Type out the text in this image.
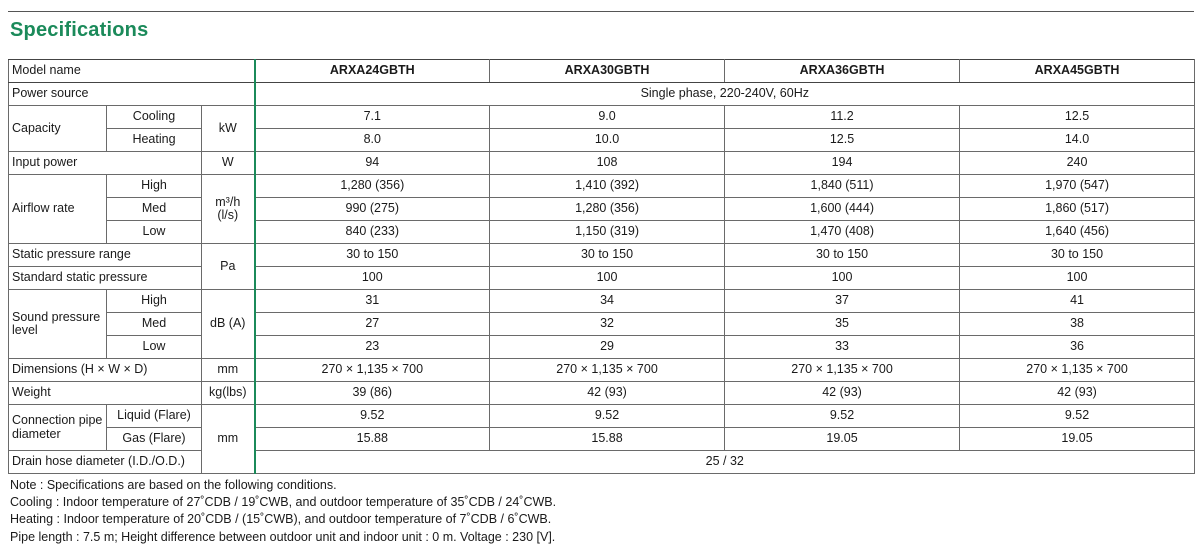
Specifications
Model name			ARXA24GBTH	ARXA30GBTH	ARXA36GBTH	ARXA45GBTH
Power source			Single phase, 220-240V, 60Hz			
Capacity	Cooling	kW	7.1	9.0	11.2	12.5
	Heating		8.0	10.0	12.5	14.0
Input power		W	94	108	194	240
Airflow rate	High	m³/h (l/s)	1,280 (356)	1,410 (392)	1,840 (511)	1,970 (547)
	Med		990 (275)	1,280 (356)	1,600 (444)	1,860 (517)
	Low		840 (233)	1,150 (319)	1,470 (408)	1,640 (456)
Static pressure range		Pa	30 to 150	30 to 150	30 to 150	30 to 150
Standard static pressure			100	100	100	100
Sound pressure level	High	dB (A)	31	34	37	41
	Med		27	32	35	38
	Low		23	29	33	36
Dimensions (H × W × D)		mm	270 × 1,135 × 700	270 × 1,135 × 700	270 × 1,135 × 700	270 × 1,135 × 700
Weight		kg(lbs)	39 (86)	42 (93)	42 (93)	42 (93)
Connection pipe diameter	Liquid (Flare)	mm	9.52	9.52	9.52	9.52
	Gas (Flare)		15.88	15.88	19.05	19.05
Drain hose diameter (I.D./O.D.)			25 / 32			
Note : Specifications are based on the following conditions.
Cooling : Indoor temperature of 27˚CDB / 19˚CWB, and outdoor temperature of 35˚CDB / 24˚CWB.
Heating : Indoor temperature of 20˚CDB / (15˚CWB), and outdoor temperature of 7˚CDB / 6˚CWB.
Pipe length : 7.5 m; Height difference between outdoor unit and indoor unit : 0 m. Voltage : 230 [V].
